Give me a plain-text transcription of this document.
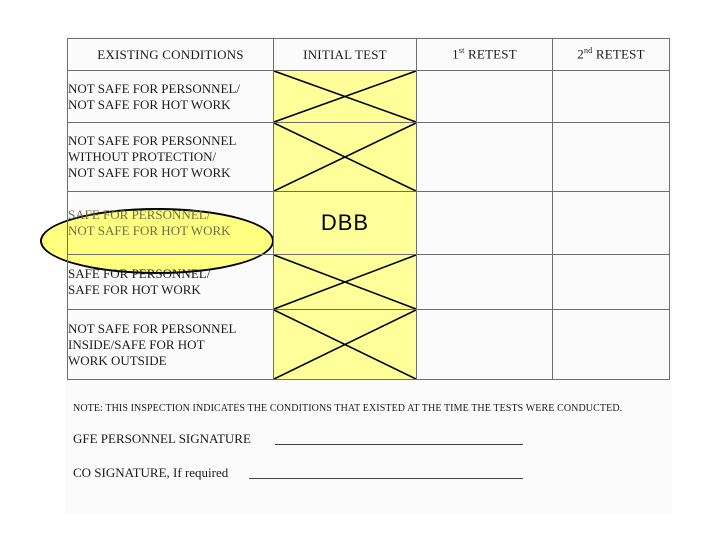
EXISTING CONDITIONS	INITIAL TEST	1st RETEST	2nd RETEST

NOT SAFE FOR PERSONNEL/
NOT SAFE FOR HOT WORK

NOT SAFE FOR PERSONNEL
WITHOUT PROTECTION/
NOT SAFE FOR HOT WORK

SAFE FOR PERSONNEL/
NOT SAFE FOR HOT WORK	DBB		

SAFE FOR PERSONNEL/
SAFE FOR HOT WORK

NOT SAFE FOR PERSONNEL
INSIDE/SAFE FOR HOT
WORK OUTSIDE

NOTE: THIS INSPECTION INDICATES THE CONDITIONS THAT EXISTED AT THE TIME THE TESTS WERE CONDUCTED.
GFE PERSONNEL SIGNATURE
CO SIGNATURE, If required
